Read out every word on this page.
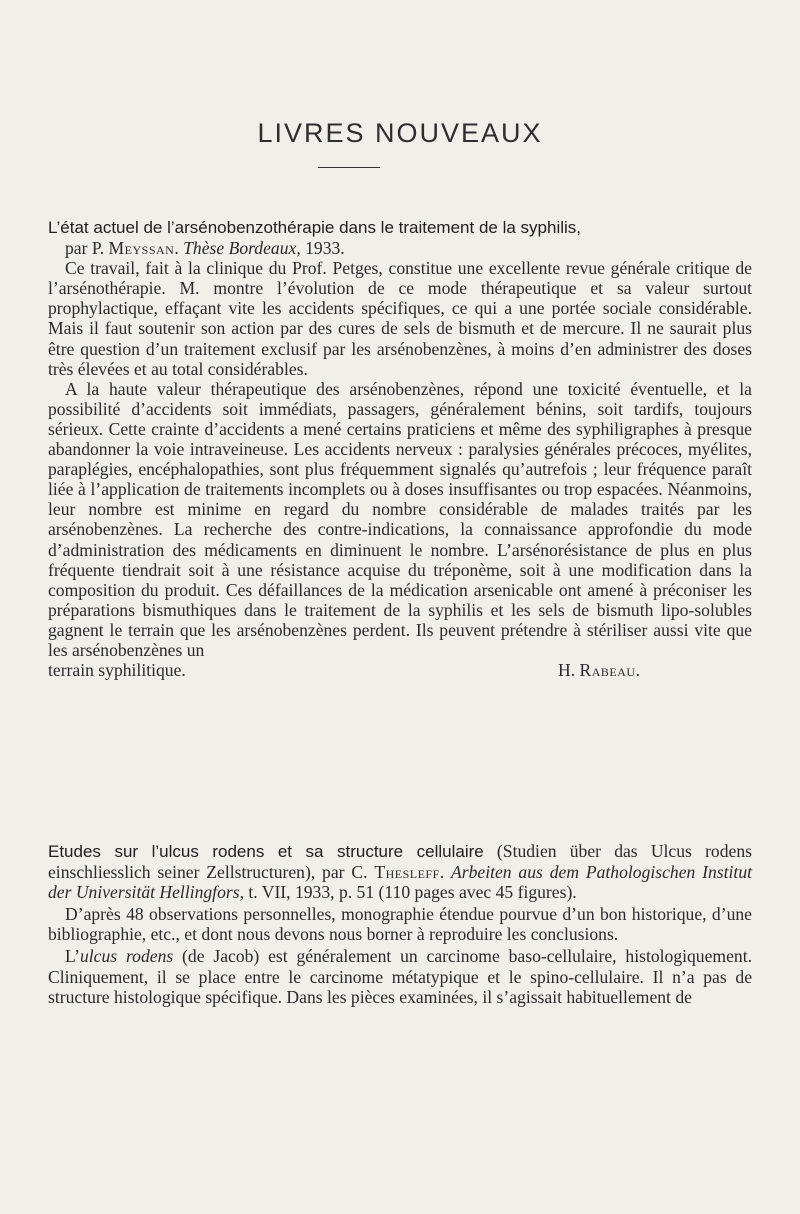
LIVRES NOUVEAUX

L’état actuel de l’arsénobenzothérapie dans le traitement de la syphilis,
par P. Meyssan. Thèse Bordeaux, 1933.

Ce travail, fait à la clinique du Prof. Petges, constitue une excellente revue générale critique de l’arsénothérapie. M. montre l’évolution de ce mode thérapeutique et sa valeur surtout prophylactique, effaçant vite les accidents spécifiques, ce qui a une portée sociale considérable. Mais il faut soutenir son action par des cures de sels de bismuth et de mercure. Il ne saurait plus être question d’un traitement exclusif par les arsénobenzènes, à moins d’en administrer des doses très élevées et au total considérables.

A la haute valeur thérapeutique des arsénobenzènes, répond une toxicité éventuelle, et la possibilité d’accidents soit immédiats, passagers, généralement bénins, soit tardifs, toujours sérieux. Cette crainte d’accidents a mené certains praticiens et même des syphiligraphes à presque abandonner la voie intraveineuse. Les accidents nerveux : paralysies générales précoces, myélites, paraplégies, encéphalopathies, sont plus fréquemment signalés qu’autrefois ; leur fréquence paraît liée à l’application de traitements incomplets ou à doses insuffisantes ou trop espacées. Néanmoins, leur nombre est minime en regard du nombre considérable de malades traités par les arsénobenzènes. La recherche des contre-indications, la connaissance approfondie du mode d’administration des médicaments en diminuent le nombre. L’arsénorésistance de plus en plus fréquente tiendrait soit à une résistance acquise du tréponème, soit à une modification dans la composition du produit. Ces défaillances de la médication arsenicable ont amené à préconiser les préparations bismuthiques dans le traitement de la syphilis et les sels de bismuth lipo-solubles gagnent le terrain que les arsénobenzènes perdent. Ils peuvent prétendre à stériliser aussi vite que les arsénobenzènes un

terrain syphilitique.	H. Rabeau.

Etudes sur l’ulcus rodens et sa structure cellulaire (Studien über das Ulcus rodens einschliesslich seiner Zellstructuren), par C. Thesleff. Arbeiten aus dem Pathologischen Institut der Universität Hellingfors, t. VII, 1933, p. 51 (110 pages avec 45 figures).

D’après 48 observations personnelles, monographie étendue pourvue d’un bon historique, d’une bibliographie, etc., et dont nous devons nous borner à reproduire les conclusions.

L’ulcus rodens (de Jacob) est généralement un carcinome baso-cellulaire, histologiquement. Cliniquement, il se place entre le carcinome métatypique et le spino-cellulaire. Il n’a pas de structure histologique spécifique. Dans les pièces examinées, il s’agissait habituellement de
